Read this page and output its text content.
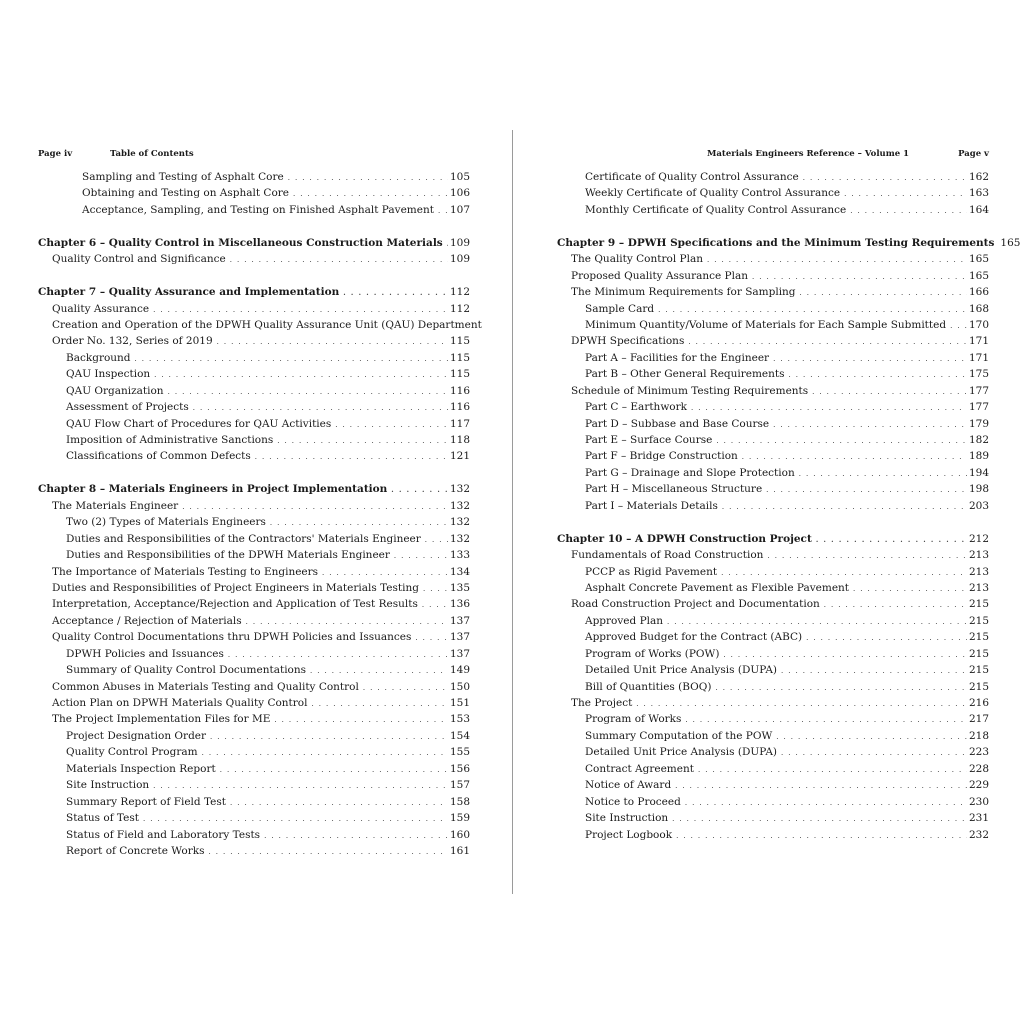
Page iv	Table of Contents
Sampling and Testing of Asphalt Core . . .	105
Obtaining and Testing on Asphalt Core . . .	106
Acceptance, Sampling, and Testing on Finished Asphalt Pavement . . . 107
Chapter 6 – Quality Control in Miscellaneous Construction Materials . . . 109
Quality Control and Significance . . .	109
Chapter 7 – Quality Assurance and Implementation . . .	112
Quality Assurance . . .	112
Creation and Operation of the DPWH Quality Assurance Unit (QAU) Department
Order No. 132, Series of 2019 . . .	115
Background . . .	115
QAU Inspection . . .	115
QAU Organization . . .	116
Assessment of Projects . . .	116
QAU Flow Chart of Procedures for QAU Activities . . .	117
Imposition of Administrative Sanctions . . .	118
Classifications of Common Defects . . .	121
Chapter 8 – Materials Engineers in Project Implementation . . .	132
The Materials Engineer . . .	132
Two (2) Types of Materials Engineers . . .	132
Duties and Responsibilities of the Contractors' Materials Engineer . . .	132
Duties and Responsibilities of the DPWH Materials Engineer . . .	133
The Importance of Materials Testing to Engineers . . .	134
Duties and Responsibilities of Project Engineers in Materials Testing . . .	135
Interpretation, Acceptance/Rejection and Application of Test Results . . .	136
Acceptance / Rejection of Materials . . .	137
Quality Control Documentations thru DPWH Policies and Issuances . . .	137
DPWH Policies and Issuances . . .	137
Summary of Quality Control Documentations . . .	149
Common Abuses in Materials Testing and Quality Control . . .	150
Action Plan on DPWH Materials Quality Control . . .	151
The Project Implementation Files for ME . . .	153
Project Designation Order . . .	154
Quality Control Program . . .	155
Materials Inspection Report . . .	156
Site Instruction . . .	157
Summary Report of Field Test . . .	158
Status of Test . . .	159
Status of Field and Laboratory Tests . . .	160
Report of Concrete Works . . .	161
Materials Engineers Reference – Volume 1	Page v
Certificate of Quality Control Assurance . . .	162
Weekly Certificate of Quality Control Assurance . . .	163
Monthly Certificate of Quality Control Assurance . . .	164
Chapter 9 – DPWH Specifications and the Minimum Testing Requirements 165
The Quality Control Plan . . .	165
Proposed Quality Assurance Plan . . .	165
The Minimum Requirements for Sampling . . .	166
Sample Card . . .	168
Minimum Quantity/Volume of Materials for Each Sample Submitted . . . 170
DPWH Specifications . . .	171
Part A – Facilities for the Engineer . . .	171
Part B – Other General Requirements . . .	175
Schedule of Minimum Testing Requirements . . .	177
Part C – Earthwork . . .	177
Part D – Subbase and Base Course . . .	179
Part E – Surface Course . . .	182
Part F – Bridge Construction . . .	189
Part G – Drainage and Slope Protection . . .	194
Part H – Miscellaneous Structure . . .	198
Part I – Materials Details . . .	203
Chapter 10 – A DPWH Construction Project . . .	212
Fundamentals of Road Construction . . .	213
PCCP as Rigid Pavement . . .	213
Asphalt Concrete Pavement as Flexible Pavement . . .	213
Road Construction Project and Documentation . . .	215
Approved Plan . . .	215
Approved Budget for the Contract (ABC) . . .	215
Program of Works (POW) . . .	215
Detailed Unit Price Analysis (DUPA) . . .	215
Bill of Quantities (BOQ) . . .	215
The Project . . .	216
Program of Works . . .	217
Summary Computation of the POW . . .	218
Detailed Unit Price Analysis (DUPA) . . .	223
Contract Agreement . . .	228
Notice of Award . . .	229
Notice to Proceed . . .	230
Site Instruction . . .	231
Project Logbook . . .	232
